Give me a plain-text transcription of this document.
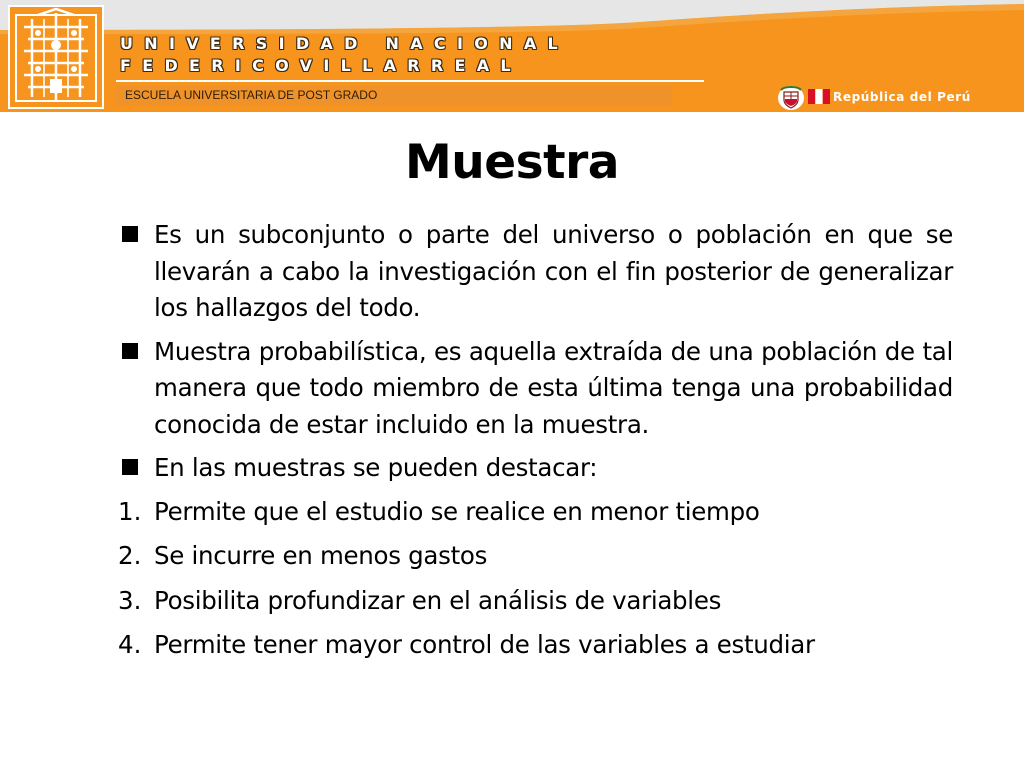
UNIVERSIDAD NACIONAL
FEDERICOVILLARREAL
ESCUELA UNIVERSITARIA DE POST GRADO	República del Perú
Muestra
Es un subconjunto o parte del universo o población en que se llevarán a cabo la investigación con el fin posterior de generalizar los hallazgos del todo.
Muestra probabilística, es aquella extraída de una población de tal manera que todo miembro de esta última tenga una probabilidad conocida de estar incluido en la muestra.
En las muestras se pueden destacar:
1. Permite que el estudio se realice en menor tiempo
2. Se incurre en menos gastos
3. Posibilita profundizar en el análisis de variables
4. Permite tener mayor control de las variables a estudiar
